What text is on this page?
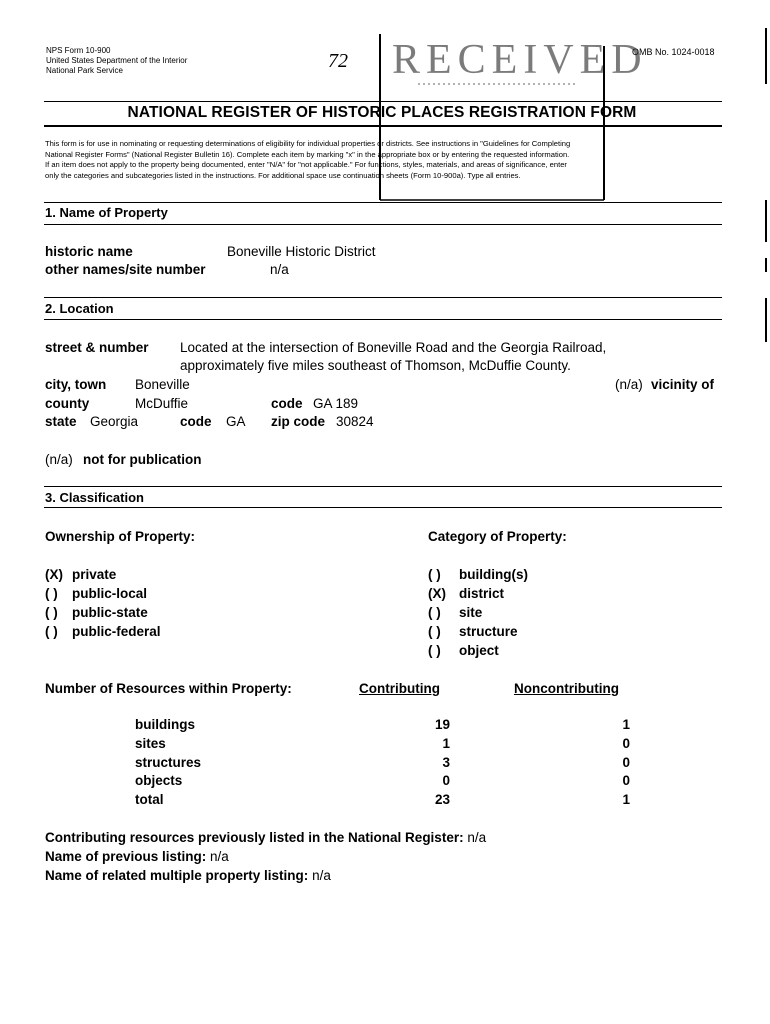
NPS Form 10-900
United States Department of the Interior
National Park Service
OMB No. 1024-0018
72 RECEIVED
NATIONAL REGISTER OF HISTORIC PLACES REGISTRATION FORM
This form is for use in nominating or requesting determinations of eligibility for individual properties or districts. See instructions in "Guidelines for Completing
National Register Forms" (National Register Bulletin 16). Complete each item by marking "x" in the appropriate box or by entering the requested information.
If an item does not apply to the property being documented, enter "N/A" for "not applicable." For functions, styles, materials, and areas of significance, enter
only the categories and subcategories listed in the instructions. For additional space use continuation sheets (Form 10-900a). Type all entries.
1. Name of Property
historic name	Boneville Historic District
other names/site number	n/a
2. Location
street & number Located at the intersection of Boneville Road and the Georgia Railroad,
approximately five miles southeast of Thomson, McDuffie County.
city, town Boneville	(n/a) vicinity of
county	McDuffie	code GA 189
state Georgia	code GA zip code 30824
(n/a) not for publication
3. Classification
Ownership of Property:	Category of Property:
(X) private
( ) public-local
( ) public-state
( ) public-federal
( ) building(s)
(X) district
( ) site
( ) structure
( ) object
Number of Resources within Property:	Contributing	Noncontributing
buildings	19	1
sites	1	0
structures	3	0
objects	0	0
total	23	1
Contributing resources previously listed in the National Register: n/a
Name of previous listing: n/a
Name of related multiple property listing: n/a
